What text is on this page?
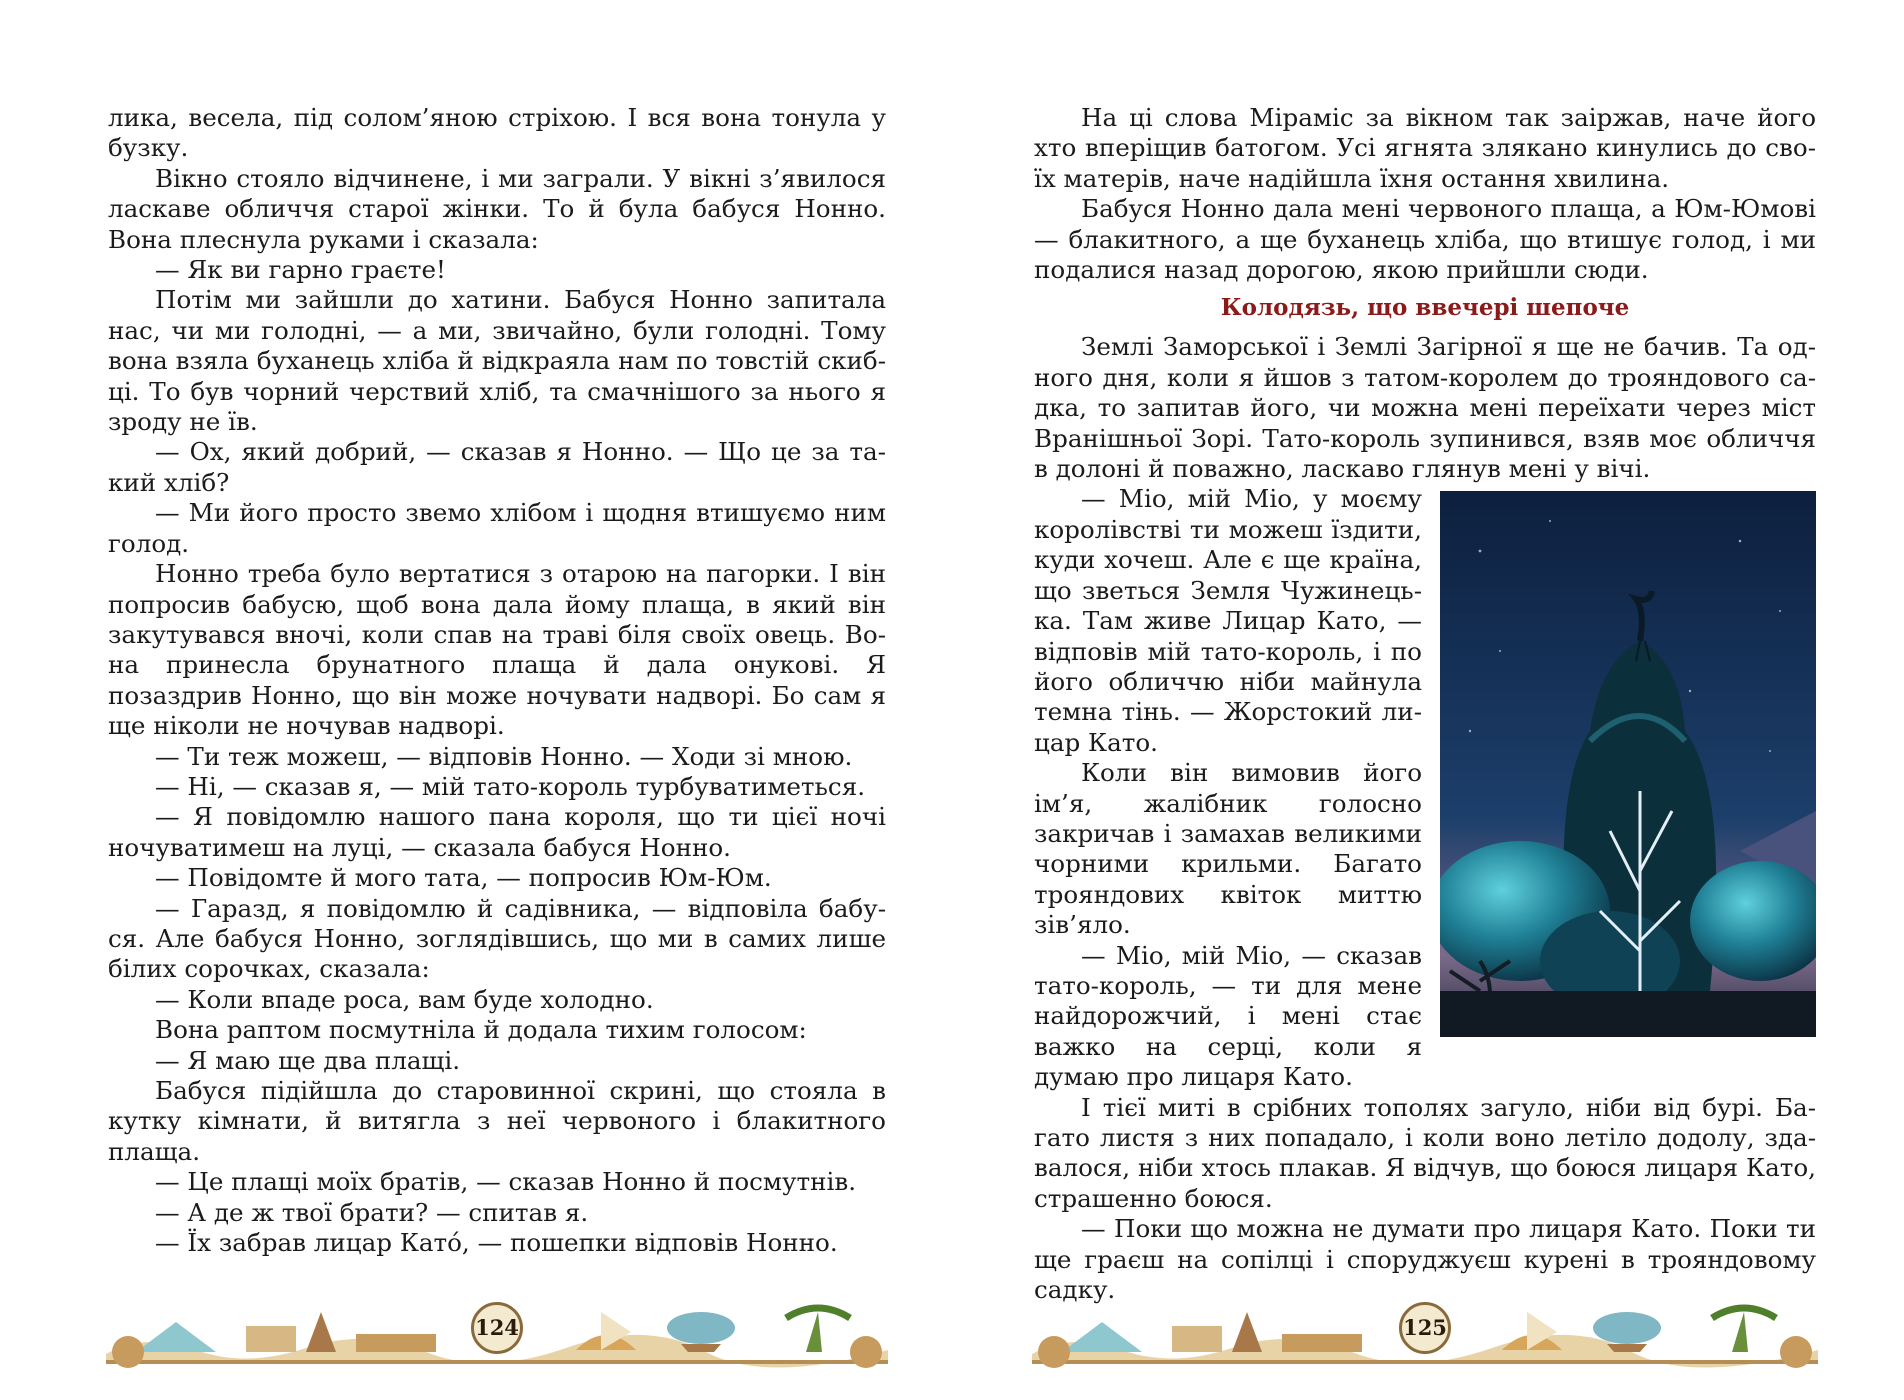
лика, весела, під солом’яною стріхою. І вся вона тонула у бузку.

Вікно стояло відчинене, і ми заграли. У вікні з’явилося ласкаве обличчя старої жінки. То й була бабуся Нонно. Вона плеснула руками і сказала:

— Як ви гарно граєте!

Потім ми зайшли до хатини. Бабуся Нонно запитала нас, чи ми голодні, — а ми, звичайно, були голодні. Тому вона взяла буханець хліба й відкраяла нам по товстій скибці. То був чорний черствий хліб, та смачнішого за нього я зроду не їв.

— Ох, який добрий, — сказав я Нонно. — Що це за такий хліб?

— Ми його просто звемо хлібом і щодня втишуємо ним голод.

Нонно треба було вертатися з отарою на пагорки. І він попросив бабусю, щоб вона дала йому плаща, в який він закутувався вночі, коли спав на траві біля своїх овець. Вона принесла брунатного плаща й дала онукові. Я позаздрив Нонно, що він може ночувати надворі. Бо сам я ще ніколи не ночував надворі.

— Ти теж можеш, — відповів Нонно. — Ходи зі мною.

— Ні, — сказав я, — мій тато-король турбуватиметься.

— Я повідомлю нашого пана короля, що ти цієї ночі ночуватимеш на луці, — сказала бабуся Нонно.

— Повідомте й мого тата, — попросив Юм-Юм.

— Гаразд, я повідомлю й садівника, — відповіла бабуся. Але бабуся Нонно, зоглядівшись, що ми в самих лише білих сорочках, сказала:

— Коли впаде роса, вам буде холодно.

Вона раптом посмутніла й додала тихим голосом:

— Я маю ще два плащі.

Бабуся підійшла до старовинної скрині, що стояла в кутку кімнати, й витягла з неї червоного і блакитного плаща.

— Це плащі моїх братів, — сказав Нонно й посмутнів.

— А де ж твої брати? — спитав я.

— Їх забрав лицар Като́, — пошепки відповів Нонно.

124

На ці слова Міраміс за вікном так заіржав, наче його хто вперіщив батогом. Усі ягнята злякано кинулись до своїх матерів, наче надійшла їхня остання хвилина.

Бабуся Нонно дала мені червоного плаща, а Юм-Юмові — блакитного, а ще буханець хліба, що втишує голод, і ми подалися назад дорогою, якою прийшли сюди.

Колодязь, що ввечері шепоче

Землі Заморської і Землі Загірної я ще не бачив. Та одного дня, коли я йшов з татом-королем до трояндового садка, то запитав його, чи можна мені переїхати через міст Вранішньої Зорі. Тато-король зупинився, взяв моє обличчя в долоні й поважно, ласкаво глянув мені у вічі.

— Міо, мій Міо, у моєму королівстві ти можеш їздити, куди хочеш. Але є ще країна, що зветься Земля Чужинецька. Там живе Лицар Като, — відповів мій тато-король, і по його обличчю ніби майнула темна тінь. — Жорстокий лицар Като.

Коли він вимовив його ім’я, жалібник голосно закричав і замахав великими чорними крильми. Багато трояндових квіток миттю зів’яло.

— Міо, мій Міо, — сказав тато-король, — ти для мене найдорожчий, і мені стає важко на серці, коли я думаю про лицаря Като.

І тієї миті в срібних тополях загуло, ніби від бурі. Багато листя з них попадало, і коли воно летіло додолу, здавалося, ніби хтось плакав. Я відчув, що боюся лицаря Като, страшенно боюся.

— Поки що можна не думати про лицаря Като. Поки ти ще граєш на сопілці і споруджуєш курені в трояндовому садку.

125
